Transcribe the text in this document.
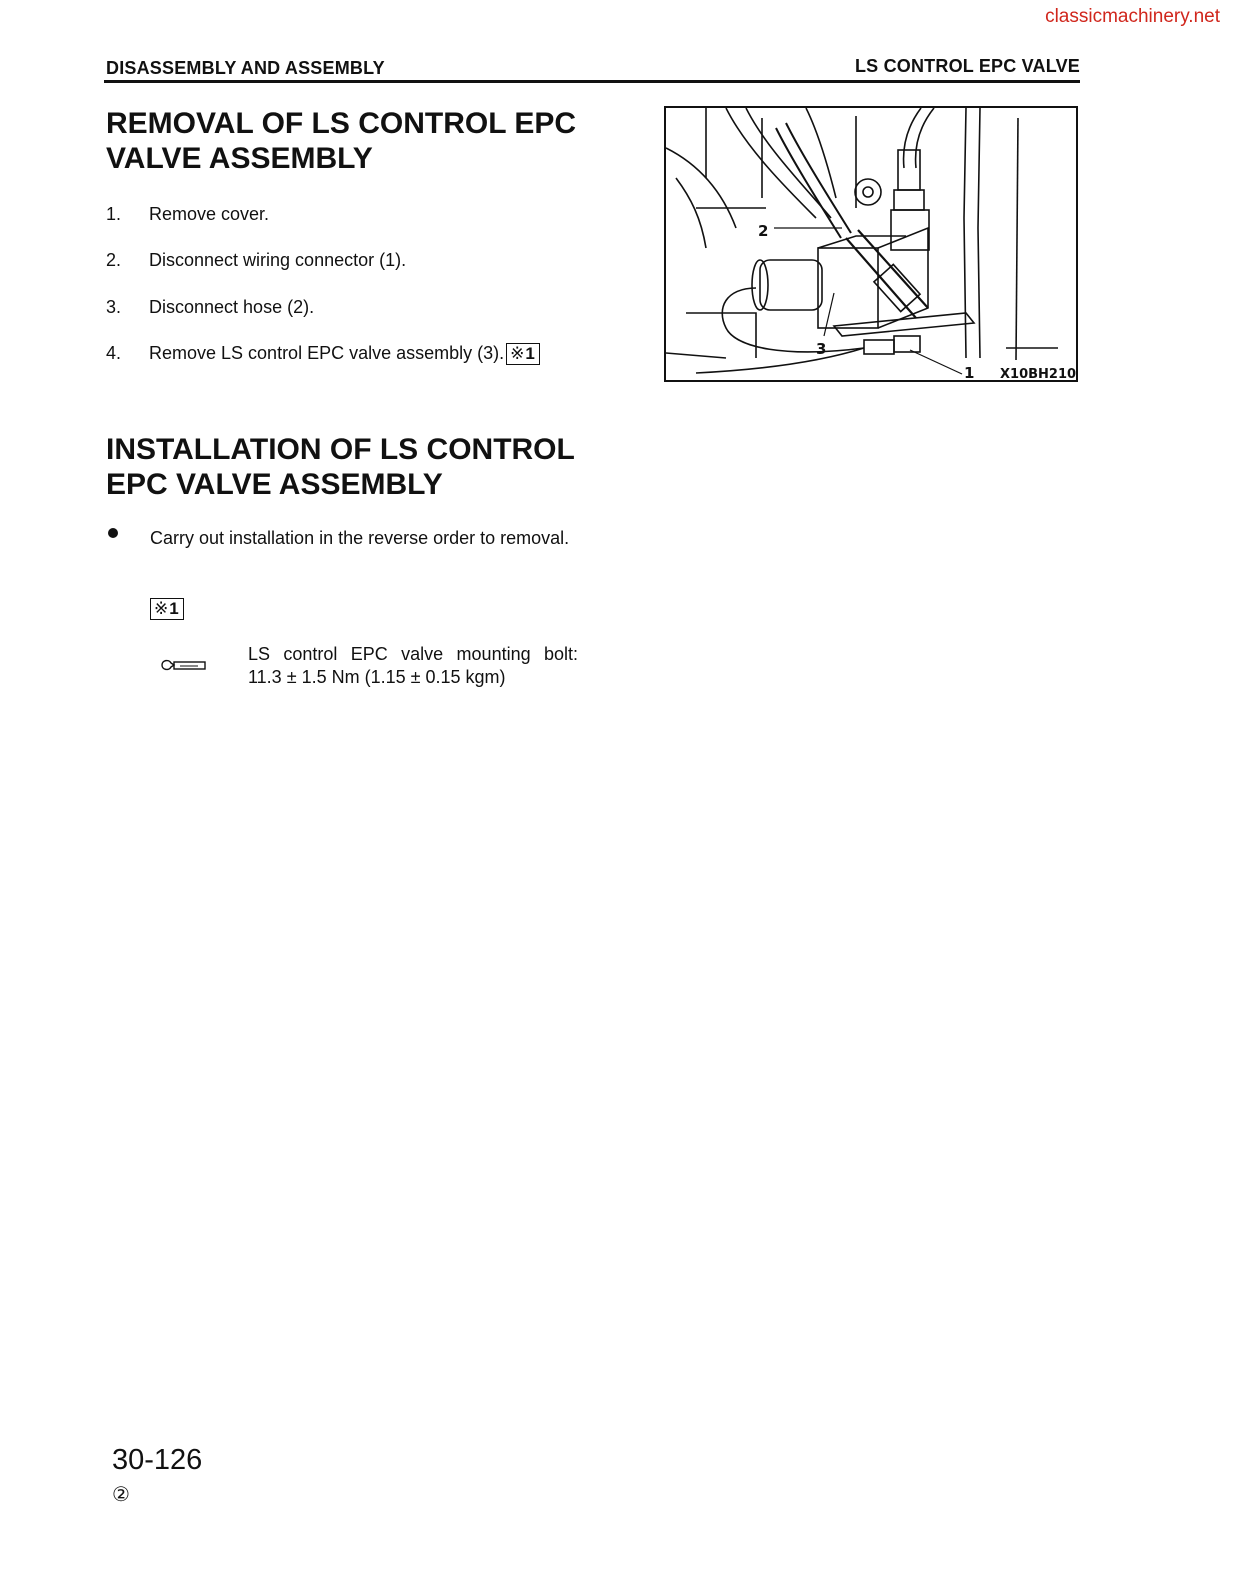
classicmachinery.net
DISASSEMBLY AND ASSEMBLY	LS CONTROL EPC VALVE
REMOVAL OF LS CONTROL EPC VALVE ASSEMBLY
1.	Remove cover.
2.	Disconnect wiring connector (1).
3.	Disconnect hose (2).
4.	Remove LS control EPC valve assembly (3). ※1
2
3
1 X10BH210
INSTALLATION OF LS CONTROL EPC VALVE ASSEMBLY
Carry out installation in the reverse order to removal.
※1
LS control EPC valve mounting bolt:
11.3 ± 1.5 Nm (1.15 ± 0.15 kgm)
30-126
②
